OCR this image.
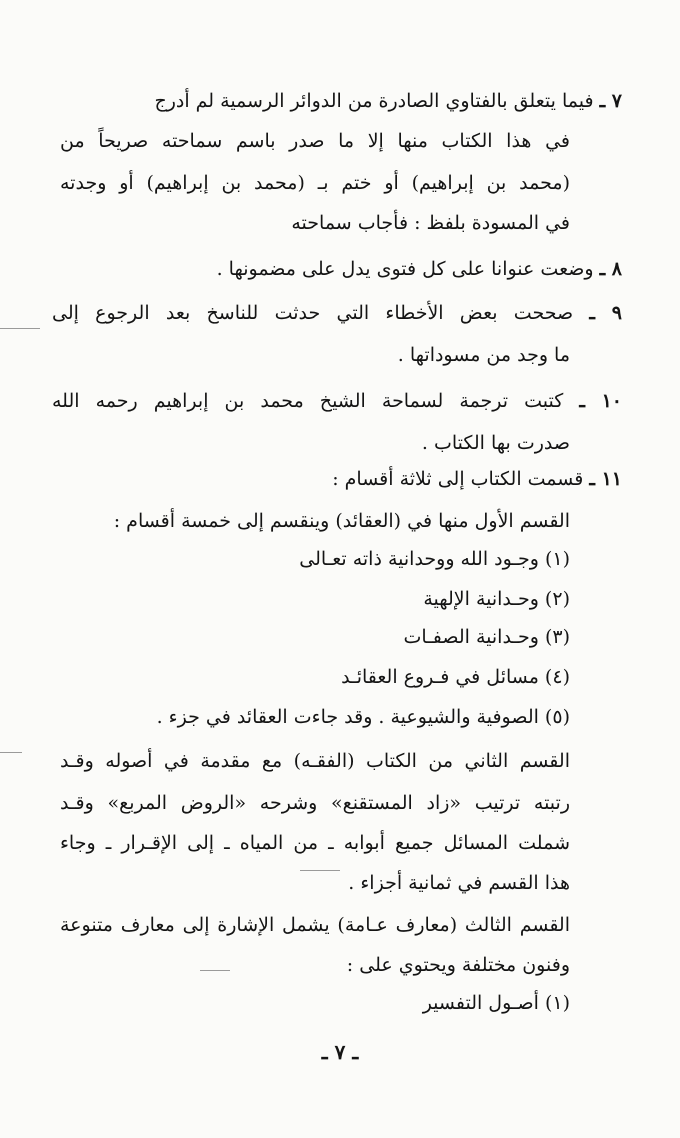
٧ ـ فيما يتعلق بالفتاوي الصادرة من الدوائر الرسمية لم أدرج
في هذا الكتاب منها إلا ما صدر باسم سماحته صريحاً من
(محمد بن إبراهيم) أو ختم بـ (محمد بن إبراهيم) أو وجدته
في المسودة بلفظ : فأجاب سماحته
٨ ـ وضعت عنوانا على كل فتوى يدل على مضمونها .
٩ ـ صححت بعض الأخطاء التي حدثت للناسخ بعد الرجوع إلى
ما وجد من مسوداتها .
١٠ ـ كتبت ترجمة لسماحة الشيخ محمد بن إبراهيم رحمه الله
صدرت بها الكتاب .
١١ ـ قسمت الكتاب إلى ثلاثة أقسام :
القسم الأول منها في (العقائد) وينقسم إلى خمسة أقسام :
(١) وجـود الله ووحدانية ذاته تعـالى
(٢) وحـدانية الإلهية
(٣) وحـدانية الصفـات
(٤) مسائل في فـروع العقائـد
(٥) الصوفية والشيوعية . وقد جاءت العقائد في جزء .
القسم الثاني من الكتاب (الفقـه) مع مقدمة في أصوله وقـد
رتبته ترتيب «زاد المستقنع» وشرحه «الروض المربع» وقـد
شملت المسائل جميع أبوابه ـ من المياه ـ إلى الإقـرار ـ وجاء
هذا القسم في ثمانية أجزاء .
القسم الثالث (معارف عـامة) يشمل الإشارة إلى معارف متنوعة
وفنون مختلفة ويحتوي على :
(١) أصـول التفسير
ـ ٧ ـ
